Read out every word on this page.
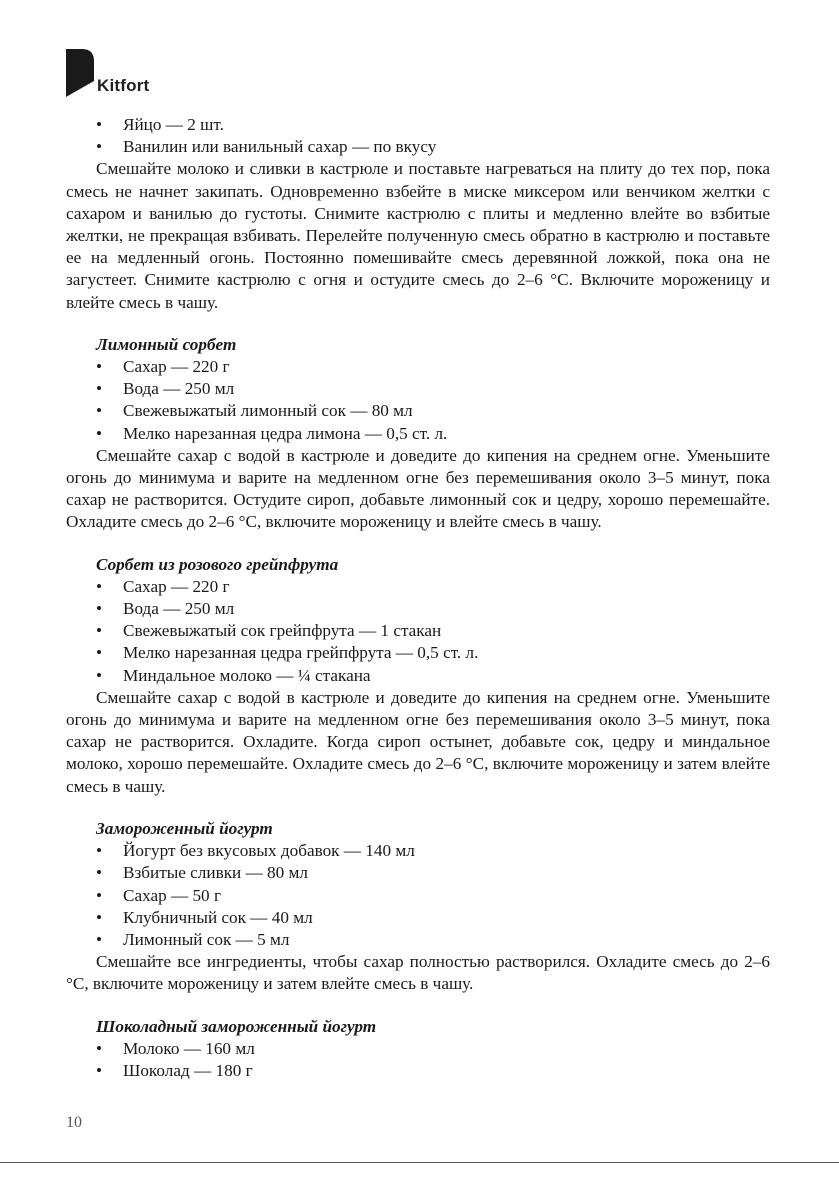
Kitfort
• Яйцо — 2 шт.
• Ванилин или ванильный сахар — по вкусу

Смешайте молоко и сливки в кастрюле и поставьте нагреваться на плиту до тех пор, пока смесь не начнет закипать. Одновременно взбейте в миске миксером или венчиком желтки с сахаром и ванилью до густоты. Снимите кастрюлю с плиты и медленно влейте во взбитые желтки, не прекращая взбивать. Перелейте полученную смесь обратно в кастрюлю и поставьте ее на медленный огонь. Постоянно помешивайте смесь деревянной ложкой, пока она не загустеет. Снимите кастрюлю с огня и остудите смесь до 2–6 °C. Включите мороженицу и влейте смесь в чашу.

Лимонный сорбет
• Сахар — 220 г
• Вода — 250 мл
• Свежевыжатый лимонный сок — 80 мл
• Мелко нарезанная цедра лимона — 0,5 ст. л.

Смешайте сахар с водой в кастрюле и доведите до кипения на среднем огне. Уменьшите огонь до минимума и варите на медленном огне без перемешивания около 3–5 минут, пока сахар не растворится. Остудите сироп, добавьте лимонный сок и цедру, хорошо перемешайте. Охладите смесь до 2–6 °C, включите мороженицу и влейте смесь в чашу.

Сорбет из розового грейпфрута
• Сахар — 220 г
• Вода — 250 мл
• Свежевыжатый сок грейпфрута — 1 стакан
• Мелко нарезанная цедра грейпфрута — 0,5 ст. л.
• Миндальное молоко — ¼ стакана

Смешайте сахар с водой в кастрюле и доведите до кипения на среднем огне. Уменьшите огонь до минимума и варите на медленном огне без перемешивания около 3–5 минут, пока сахар не растворится. Охладите. Когда сироп остынет, добавьте сок, цедру и миндальное молоко, хорошо перемешайте. Охладите смесь до 2–6 °C, включите мороженицу и затем влейте смесь в чашу.

Замороженный йогурт
• Йогурт без вкусовых добавок — 140 мл
• Взбитые сливки — 80 мл
• Сахар — 50 г
• Клубничный сок — 40 мл
• Лимонный сок — 5 мл

Смешайте все ингредиенты, чтобы сахар полностью растворился. Охладите смесь до 2–6 °C, включите мороженицу и затем влейте смесь в чашу.

Шоколадный замороженный йогурт
• Молоко — 160 мл
• Шоколад — 180 г
10
